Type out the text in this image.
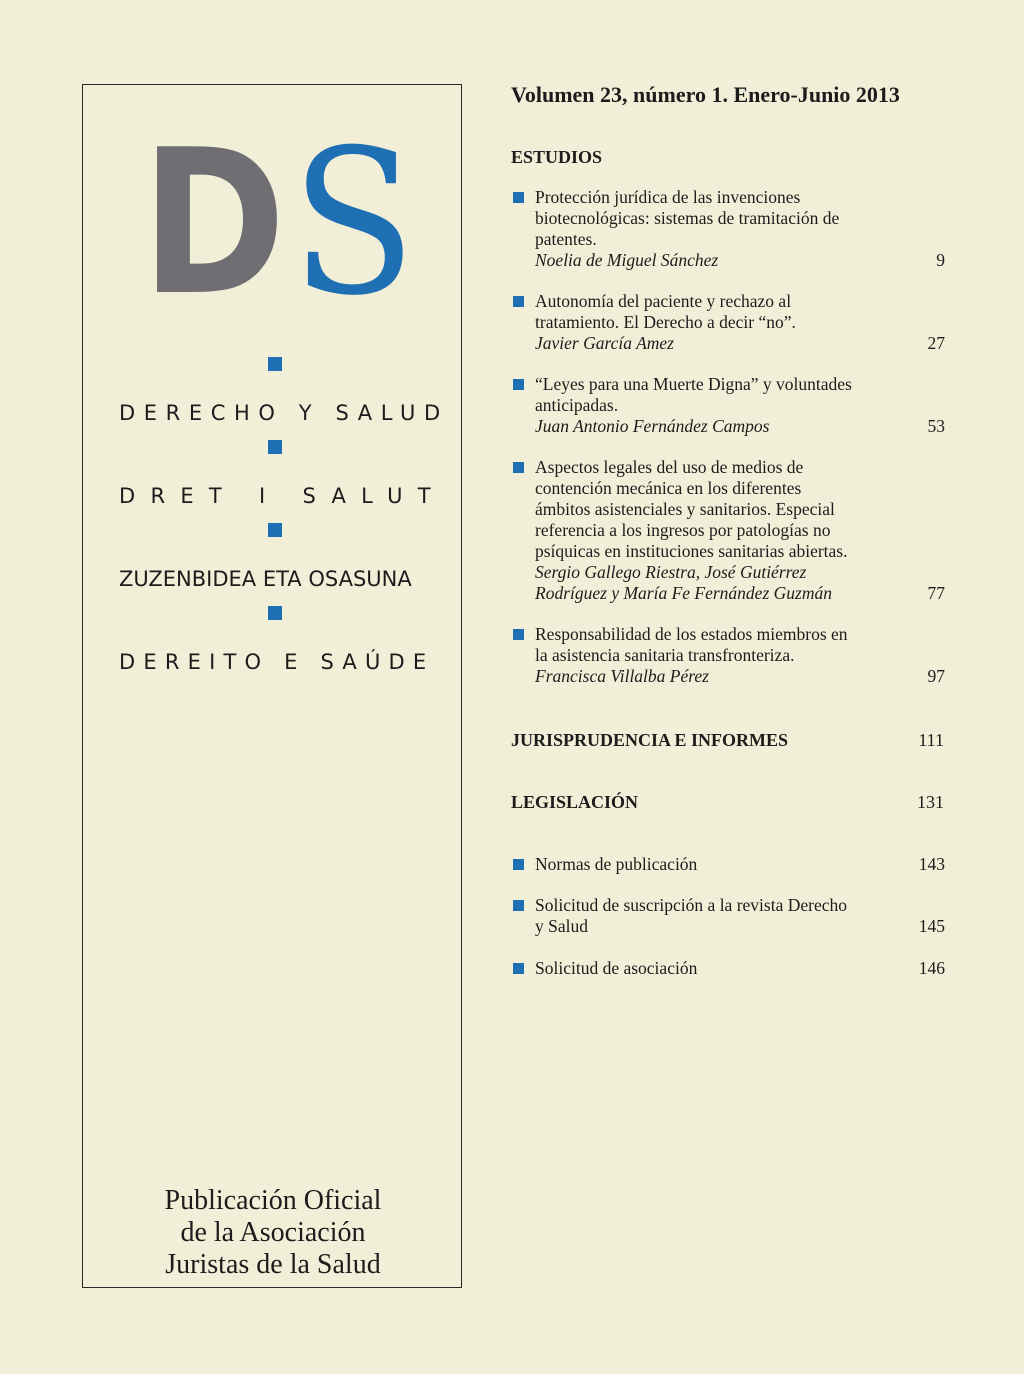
D S
DERECHO Y SALUD
DRET I SALUT
ZUZENBIDEA ETA OSASUNA
DEREITO E SAÚDE
Publicación Oficial
de la Asociación
Juristas de la Salud
Volumen 23, número 1. Enero-Junio 2013
ESTUDIOS
Protección jurídica de las invenciones
biotecnológicas: sistemas de tramitación de
patentes.
Noelia de Miguel Sánchez	9
Autonomía del paciente y rechazo al
tratamiento. El Derecho a decir “no”.
Javier García Amez	27
“Leyes para una Muerte Digna” y voluntades
anticipadas.
Juan Antonio Fernández Campos	53
Aspectos legales del uso de medios de
contención mecánica en los diferentes
ámbitos asistenciales y sanitarios. Especial
referencia a los ingresos por patologías no
psíquicas en instituciones sanitarias abiertas.
Sergio Gallego Riestra, José Gutiérrez
Rodríguez y María Fe Fernández Guzmán	77
Responsabilidad de los estados miembros en
la asistencia sanitaria transfronteriza.
Francisca Villalba Pérez	97
JURISPRUDENCIA E INFORMES	111
LEGISLACIÓN	131
Normas de publicación	143
Solicitud de suscripción a la revista Derecho
y Salud	145
Solicitud de asociación	146
